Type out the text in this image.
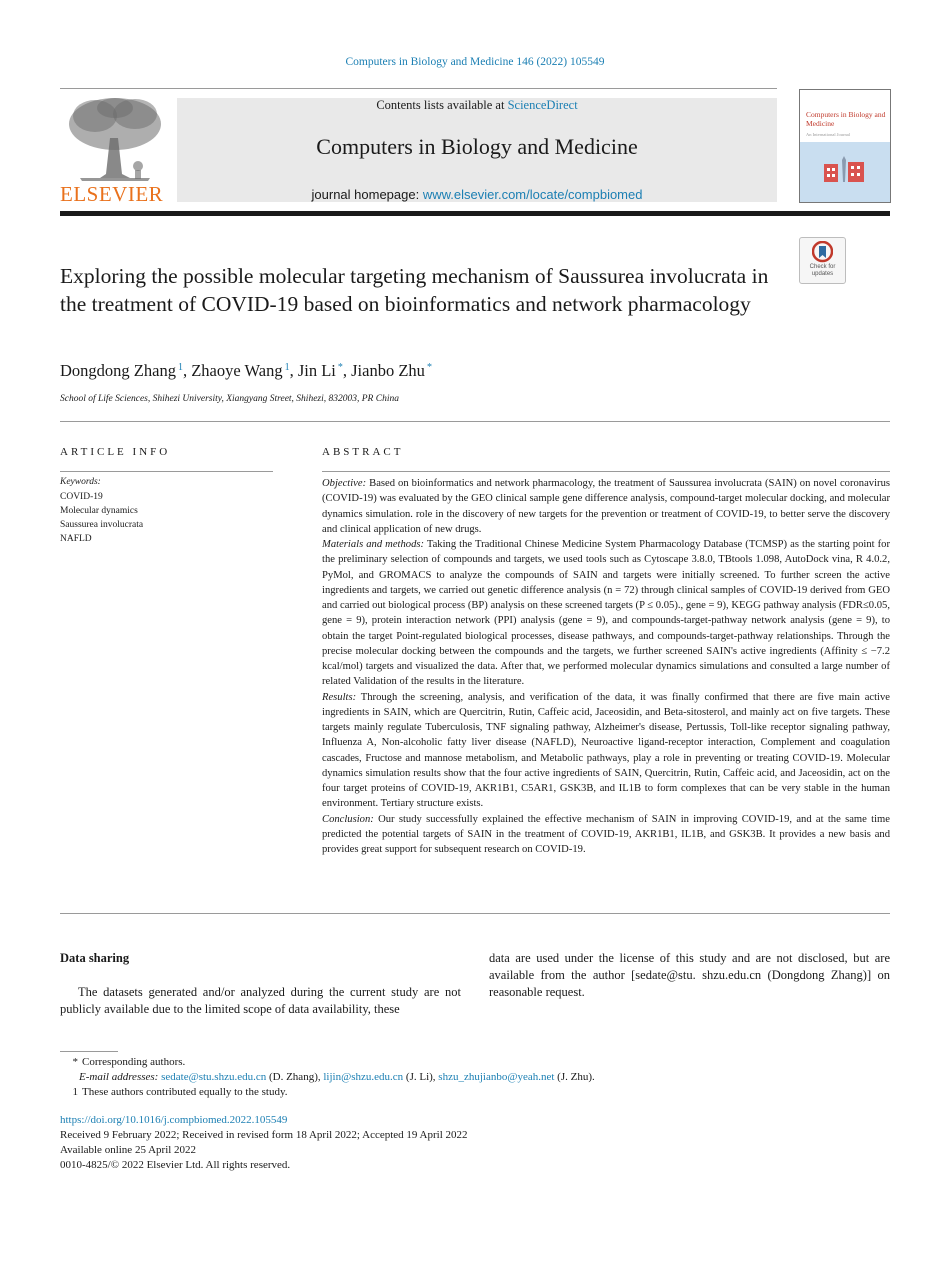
Computers in Biology and Medicine 146 (2022) 105549
ELSEVIER
Contents lists available at ScienceDirect
Computers in Biology and Medicine
journal homepage: www.elsevier.com/locate/compbiomed
Computers in Biology and Medicine
An International Journal
Check for updates
Exploring the possible molecular targeting mechanism of Saussurea involucrata in the treatment of COVID-19 based on bioinformatics and network pharmacology
Dongdong Zhang $^1$, Zhaoye Wang $^1$, Jin Li *, Jianbo Zhu *
School of Life Sciences, Shihezi University, Xiangyang Street, Shihezi, 832003, PR China
ARTICLE INFO
Keywords:
COVID-19
Molecular dynamics
Saussurea involucrata
NAFLD
ABSTRACT

Objective: Based on bioinformatics and network pharmacology, the treatment of Saussurea involucrata (SAIN) on novel coronavirus (COVID-19) was evaluated by the GEO clinical sample gene difference analysis, compound-target molecular docking, and molecular dynamics simulation. role in the discovery of new targets for the prevention or treatment of COVID-19, to better serve the discovery and clinical application of new drugs.

Materials and methods: Taking the Traditional Chinese Medicine System Pharmacology Database (TCMSP) as the starting point for the preliminary selection of compounds and targets, we used tools such as Cytoscape 3.8.0, TBtools 1.098, AutoDock vina, R 4.0.2, PyMol, and GROMACS to analyze the compounds of SAIN and targets were initially screened. To further screen the active ingredients and targets, we carried out genetic difference analysis (n = 72) through clinical samples of COVID-19 derived from GEO and carried out biological process (BP) analysis on these screened targets (P ≤ 0.05)., gene = 9), KEGG pathway analysis (FDR≤0.05, gene = 9), protein interaction network (PPI) analysis (gene = 9), and compounds-target-pathway network analysis (gene = 9), to obtain the target Point-regulated biological processes, disease pathways, and compounds-target-pathway relationships. Through the precise molecular docking between the compounds and the targets, we further screened SAIN's active ingredients (Affinity ≤ −7.2 kcal/mol) targets and visualized the data. After that, we performed molecular dynamics simulations and consulted a large number of related Validation of the results in the literature.

Results: Through the screening, analysis, and verification of the data, it was finally confirmed that there are five main active ingredients in SAIN, which are Quercitrin, Rutin, Caffeic acid, Jaceosidin, and Beta-sitosterol, and mainly act on five targets. These targets mainly regulate Tuberculosis, TNF signaling pathway, Alzheimer's disease, Pertussis, Toll-like receptor signaling pathway, Influenza A, Non-alcoholic fatty liver disease (NAFLD), Neuroactive ligand-receptor interaction, Complement and coagulation cascades, Fructose and mannose metabolism, and Metabolic pathways, play a role in preventing or treating COVID-19. Molecular dynamics simulation results show that the four active ingredients of SAIN, Quercitrin, Rutin, Caffeic acid, and Jaceosidin, act on the four target proteins of COVID-19, AKR1B1, C5AR1, GSK3B, and IL1B to form complexes that can be very stable in the human environment. Tertiary structure exists.

Conclusion: Our study successfully explained the effective mechanism of SAIN in improving COVID-19, and at the same time predicted the potential targets of SAIN in the treatment of COVID-19, AKR1B1, IL1B, and GSK3B. It provides a new basis and provides great support for subsequent research on COVID-19.

Data sharing
The datasets generated and/or analyzed during the current study are not publicly available due to the limited scope of data availability, these
data are used under the license of this study and are not disclosed, but are available from the author [sedate@stu. shzu.edu.cn (Dongdong Zhang)] on reasonable request.
* Corresponding authors.
E-mail addresses: sedate@stu.shzu.edu.cn (D. Zhang), lijin@shzu.edu.cn (J. Li), shzu_zhujianbo@yeah.net (J. Zhu).
1 These authors contributed equally to the study.
https://doi.org/10.1016/j.compbiomed.2022.105549
Received 9 February 2022; Received in revised form 18 April 2022; Accepted 19 April 2022
Available online 25 April 2022
0010-4825/© 2022 Elsevier Ltd. All rights reserved.
